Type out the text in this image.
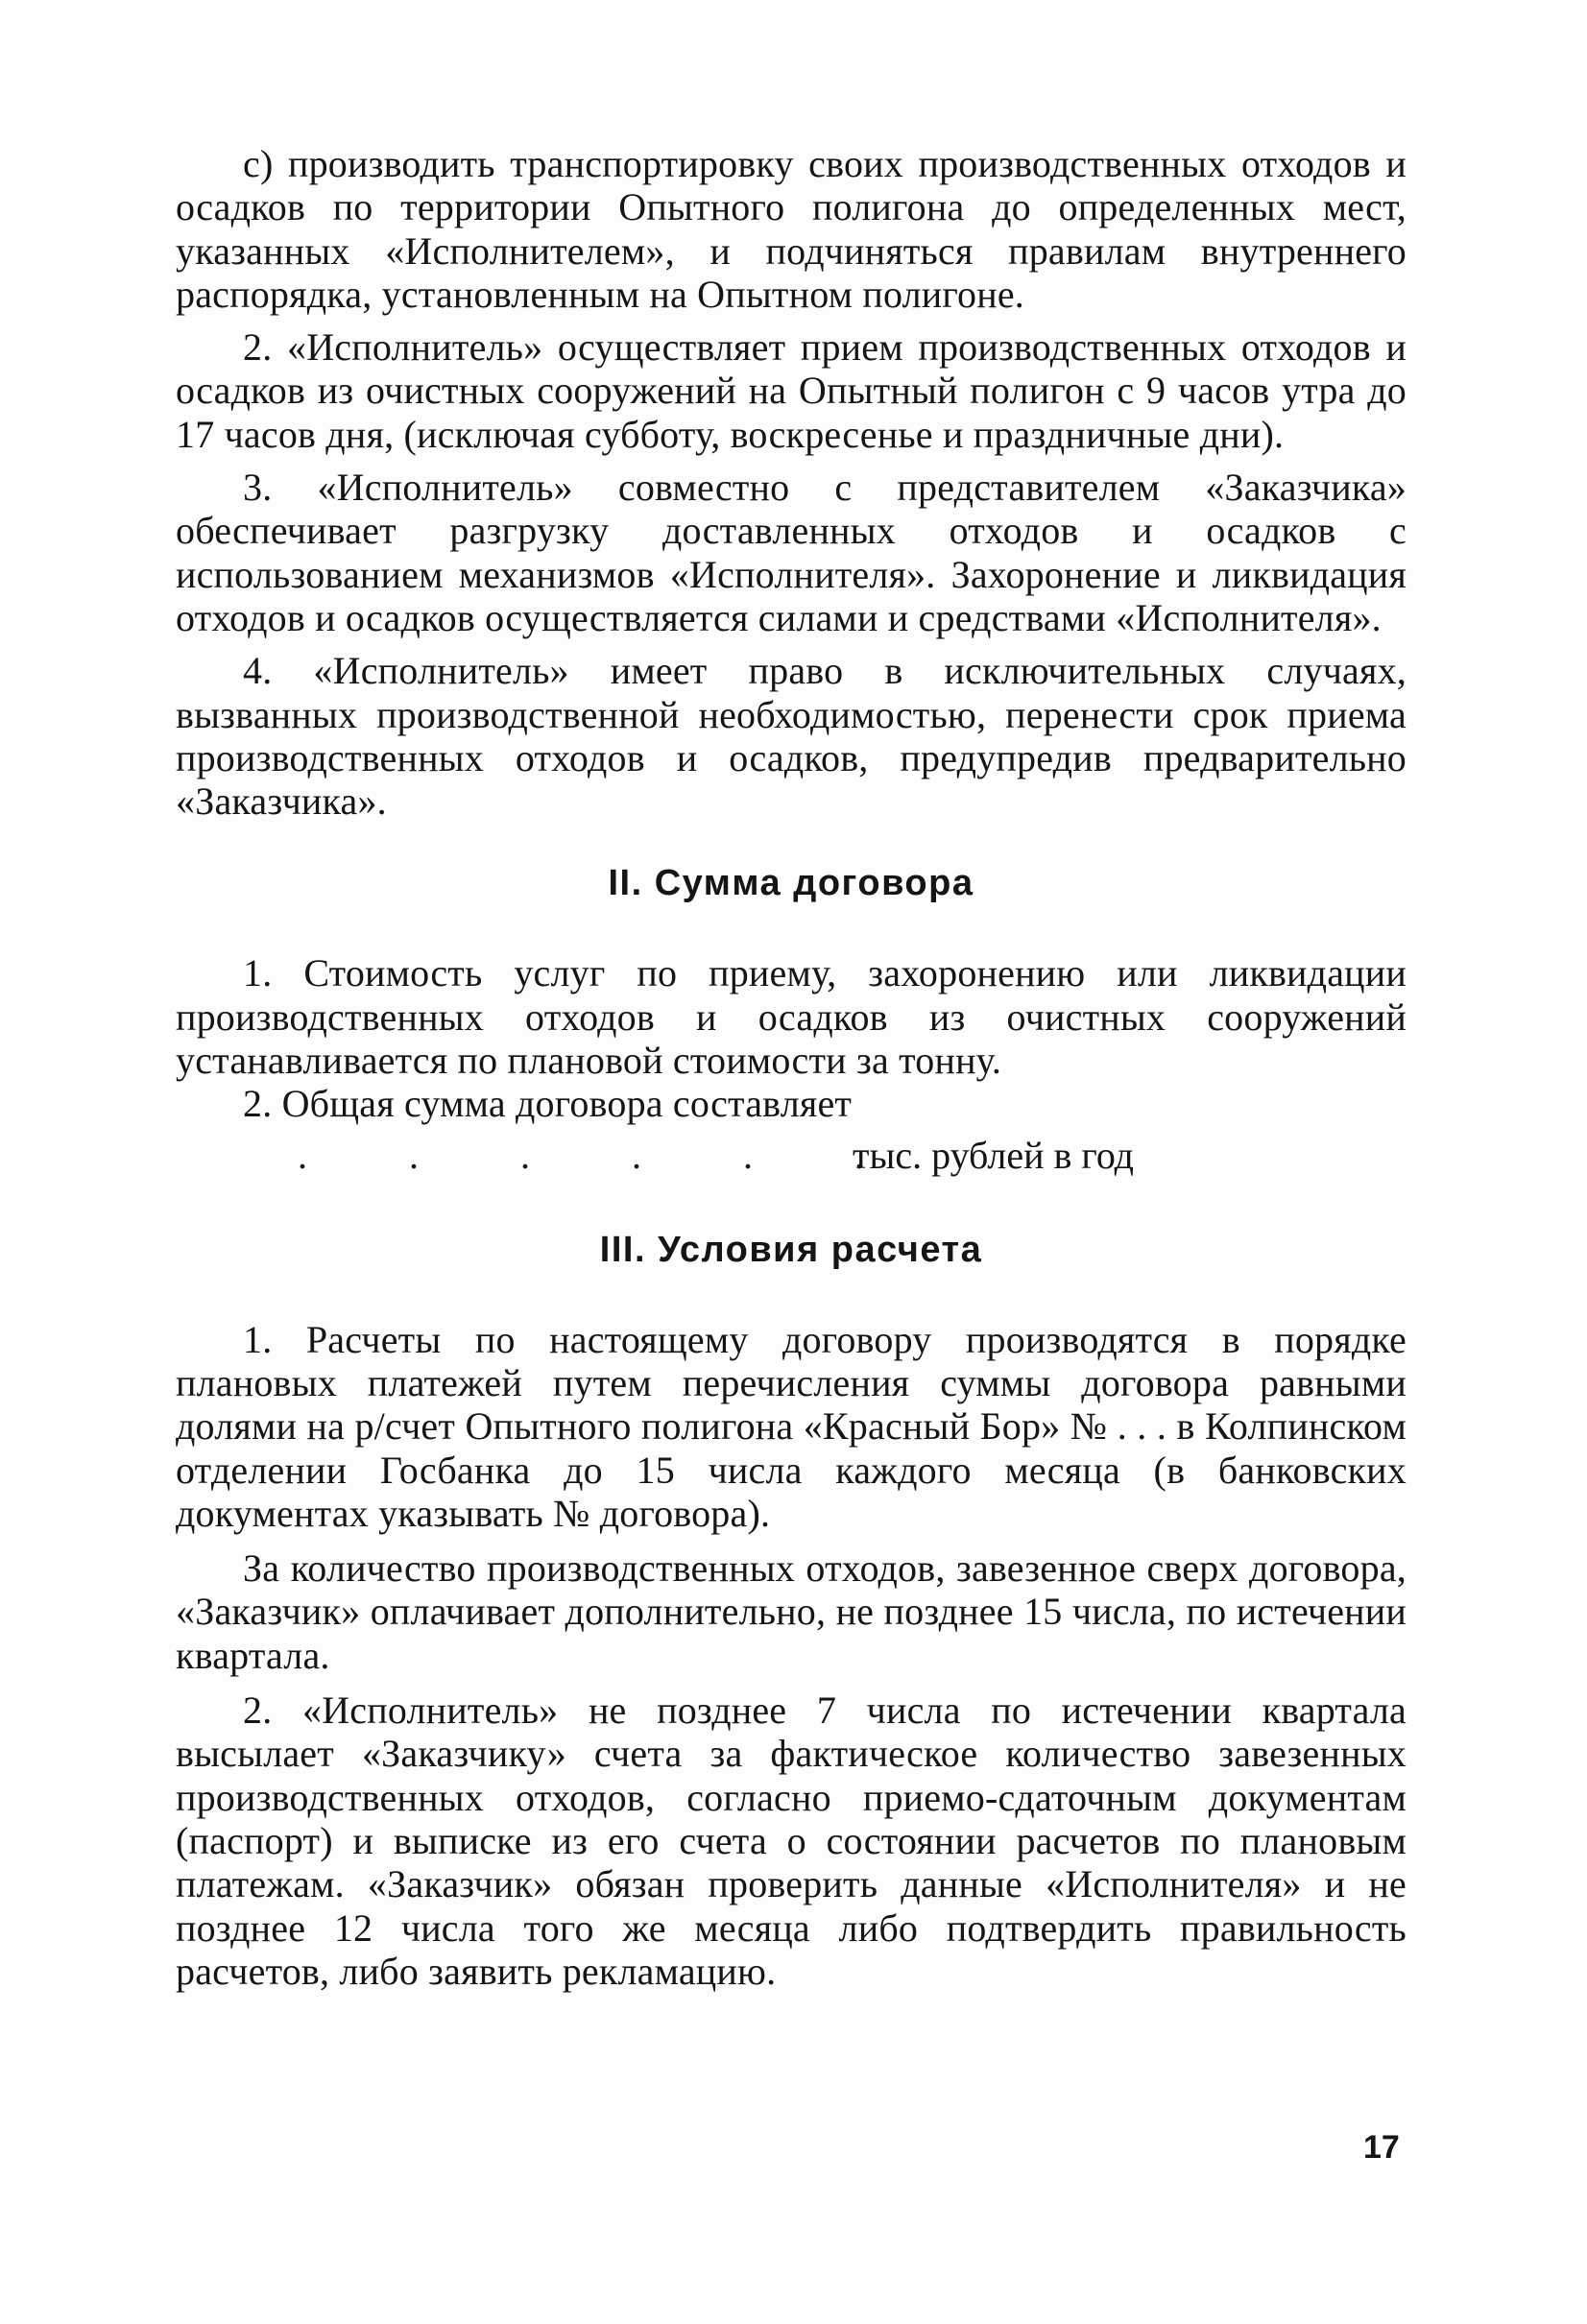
с) производить транспортировку своих производственных отходов и осадков по территории Опытного полигона до определенных мест, указанных «Исполнителем», и подчиняться правилам внутреннего распорядка, установленным на Опытном полигоне.

2. «Исполнитель» осуществляет прием производственных отходов и осадков из очистных сооружений на Опытный полигон с 9 часов утра до 17 часов дня, (исключая субботу, воскресенье и праздничные дни).

3. «Исполнитель» совместно с представителем «Заказчика» обеспечивает разгрузку доставленных отходов и осадков с использованием механизмов «Исполнителя». Захоронение и ликвидация отходов и осадков осуществляется силами и средствами «Исполнителя».

4. «Исполнитель» имеет право в исключительных случаях, вызванных производственной необходимостью, перенести срок приема производственных отходов и осадков, предупредив предварительно «Заказчика».

II. Сумма договора

1. Стоимость услуг по приему, захоронению или ликвидации производственных отходов и осадков из очистных сооружений устанавливается по плановой стоимости за тонну.

2. Общая сумма договора составляет

. . . . . .
тыс. рублей в год
III. Условия расчета

1. Расчеты по настоящему договору производятся в порядке плановых платежей путем перечисления суммы договора равными долями на р/счет Опытного полигона «Красный Бор» № . . . в Колпинском отделении Госбанка до 15 числа каждого месяца (в банковских документах указывать № договора).

За количество производственных отходов, завезенное сверх договора, «Заказчик» оплачивает дополнительно, не позднее 15 числа, по истечении квартала.

2. «Исполнитель» не позднее 7 числа по истечении квартала высылает «Заказчику» счета за фактическое количество завезенных производственных отходов, согласно приемо-сдаточным документам (паспорт) и выписке из его счета о состоянии расчетов по плановым платежам. «Заказчик» обязан проверить данные «Исполнителя» и не позднее 12 числа того же месяца либо подтвердить правильность расчетов, либо заявить рекламацию.

17
